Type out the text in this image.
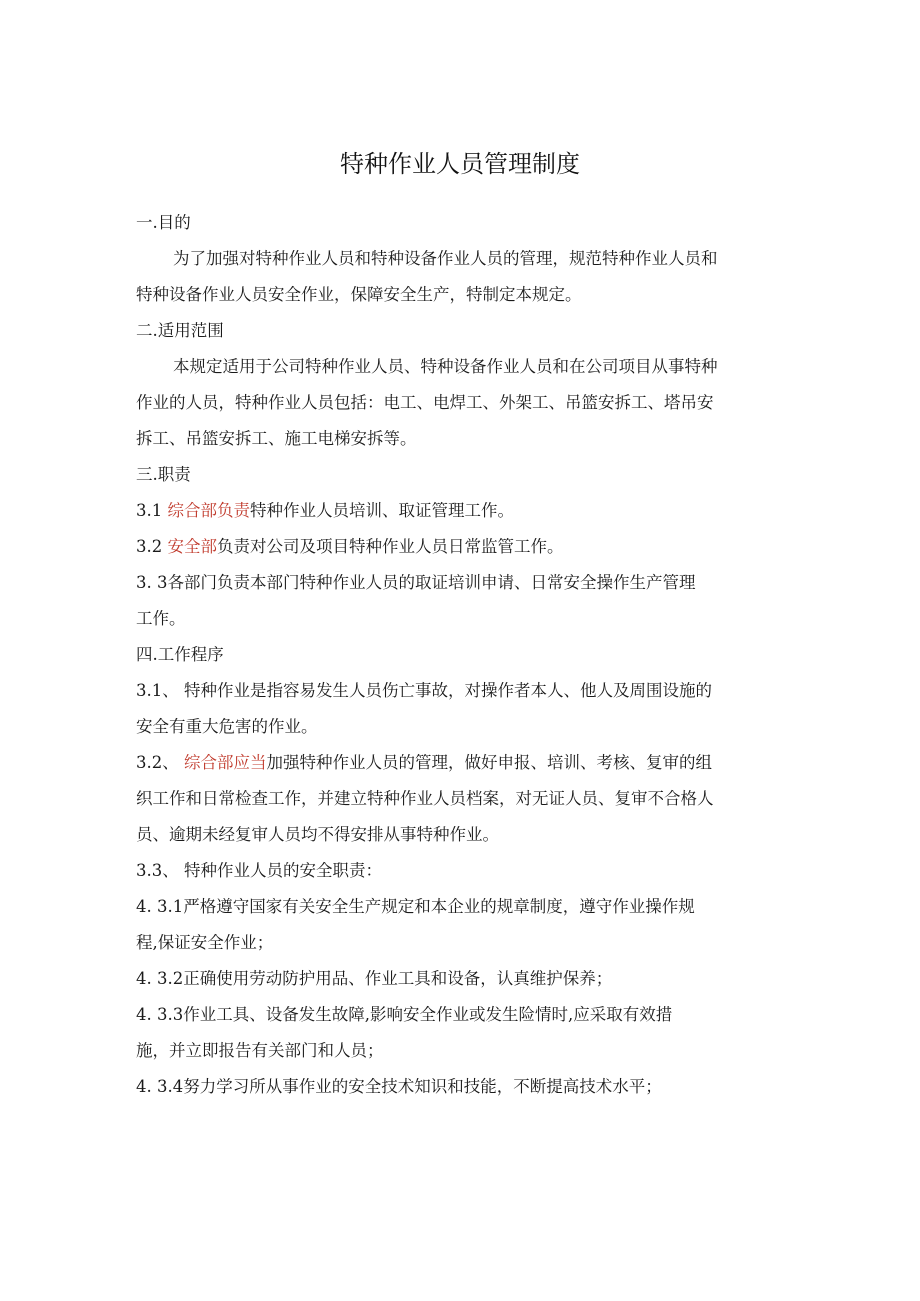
特种作业人员管理制度
一.目的
为了加强对特种作业人员和特种设备作业人员的管理，规范特种作业人员和
特种设备作业人员安全作业，保障安全生产，特制定本规定。
二.适用范围
本规定适用于公司特种作业人员、特种设备作业人员和在公司项目从事特种
作业的人员，特种作业人员包括：电工、电焊工、外架工、吊篮安拆工、塔吊安
拆工、吊篮安拆工、施工电梯安拆等。
三.职责
3.1 综合部负责特种作业人员培训、取证管理工作。
3.2 安全部负责对公司及项目特种作业人员日常监管工作。
3. 3各部门负责本部门特种作业人员的取证培训申请、日常安全操作生产管理
工作。
四.工作程序
3.1、 特种作业是指容易发生人员伤亡事故，对操作者本人、他人及周围设施的
安全有重大危害的作业。
3.2、 综合部应当加强特种作业人员的管理，做好申报、培训、考核、复审的组
织工作和日常检查工作，并建立特种作业人员档案，对无证人员、复审不合格人
员、逾期未经复审人员均不得安排从事特种作业。
3.3、 特种作业人员的安全职责：
4. 3.1严格遵守国家有关安全生产规定和本企业的规章制度，遵守作业操作规
程,保证安全作业；
4. 3.2正确使用劳动防护用品、作业工具和设备，认真维护保养；
4. 3.3作业工具、设备发生故障,影响安全作业或发生险情时,应采取有效措
施，并立即报告有关部门和人员；
4. 3.4努力学习所从事作业的安全技术知识和技能，不断提高技术水平；
